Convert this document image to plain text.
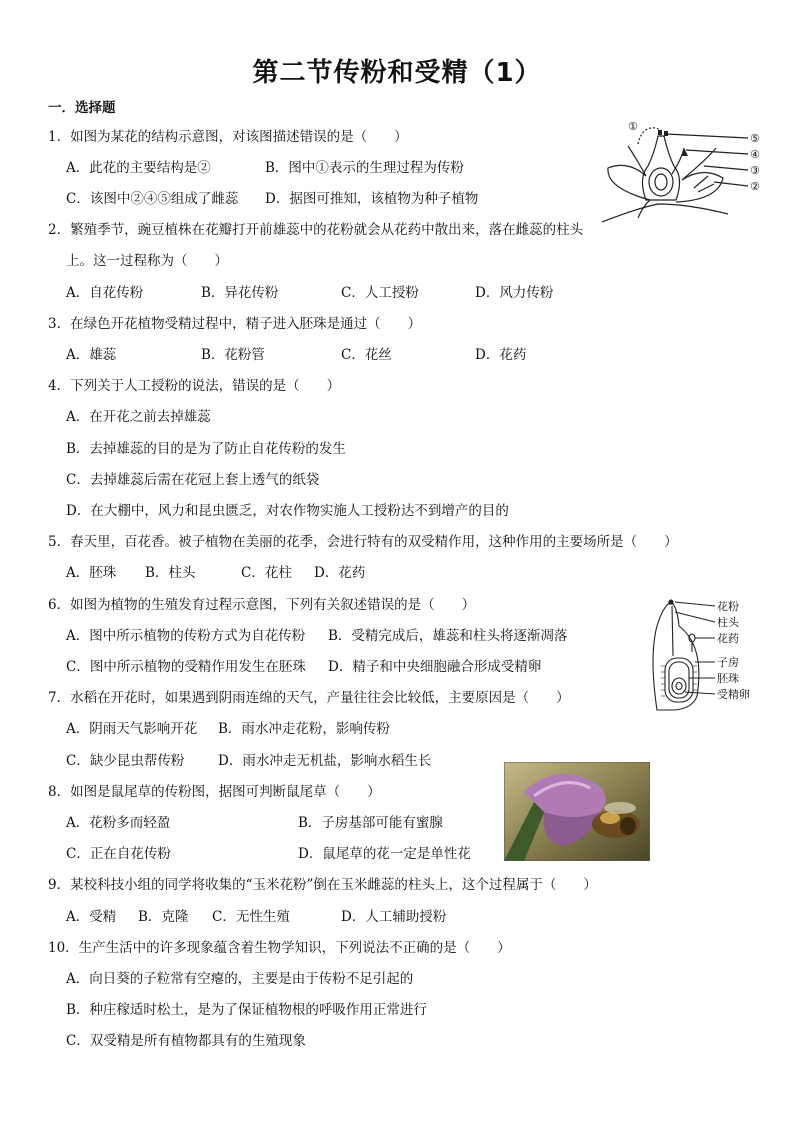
第二节传粉和受精（1）
一．选择题
1．如图为某花的结构示意图，对该图描述错误的是（　　）
A．此花的主要结构是②	B．图中①表示的生理过程为传粉
C．该图中②④⑤组成了雌蕊 D．据图可推知，该植物为种子植物
2．繁殖季节，豌豆植株在花瓣打开前雄蕊中的花粉就会从花药中散出来，落在雌蕊的柱头
上。这一过程称为（　　）
A．自花传粉	B．异花传粉	C．人工授粉	D．风力传粉
3．在绿色开花植物受精过程中，精子进入胚珠是通过（　　）
A．雄蕊	B．花粉管	C．花丝	D．花药
4．下列关于人工授粉的说法，错误的是（　　）
A．在开花之前去掉雄蕊
B．去掉雄蕊的目的是为了防止自花传粉的发生
C．去掉雄蕊后需在花冠上套上透气的纸袋
D．在大棚中，风力和昆虫匮乏，对农作物实施人工授粉达不到增产的目的
5．春天里，百花香。被子植物在美丽的花季，会进行特有的双受精作用，这种作用的主要场所是（　　）
A．胚珠 B．柱头	C．花柱 D．花药
6．如图为植物的生殖发育过程示意图，下列有关叙述错误的是（　　）
A．图中所示植物的传粉方式为自花传粉 B．受精完成后，雄蕊和柱头将逐渐凋落
C．图中所示植物的受精作用发生在胚珠 D．精子和中央细胞融合形成受精卵
7．水稻在开花时，如果遇到阴雨连绵的天气，产量往往会比较低，主要原因是（　　）
A．阴雨天气影响开花 B．雨水冲走花粉，影响传粉
C．缺少昆虫帮传粉 D．雨水冲走无机盐，影响水稻生长
8．如图是鼠尾草的传粉图，据图可判断鼠尾草（　　）
A．花粉多而轻盈	B．子房基部可能有蜜腺
C．正在自花传粉	D．鼠尾草的花一定是单性花
9．某校科技小组的同学将收集的“玉米花粉”倒在玉米雌蕊的柱头上，这个过程属于（　　）
A．受精 B．克隆 C．无性生殖	D．人工辅助授粉
10．生产生活中的许多现象蕴含着生物学知识，下列说法不正确的是（　　）
A．向日葵的子粒常有空瘪的，主要是由于传粉不足引起的
B．种庄稼适时松土，是为了保证植物根的呼吸作用正常进行
C．双受精是所有植物都具有的生殖现象
①
⑤
④
③
②
花粉
柱头
花药
子房
胚珠
受精卵
